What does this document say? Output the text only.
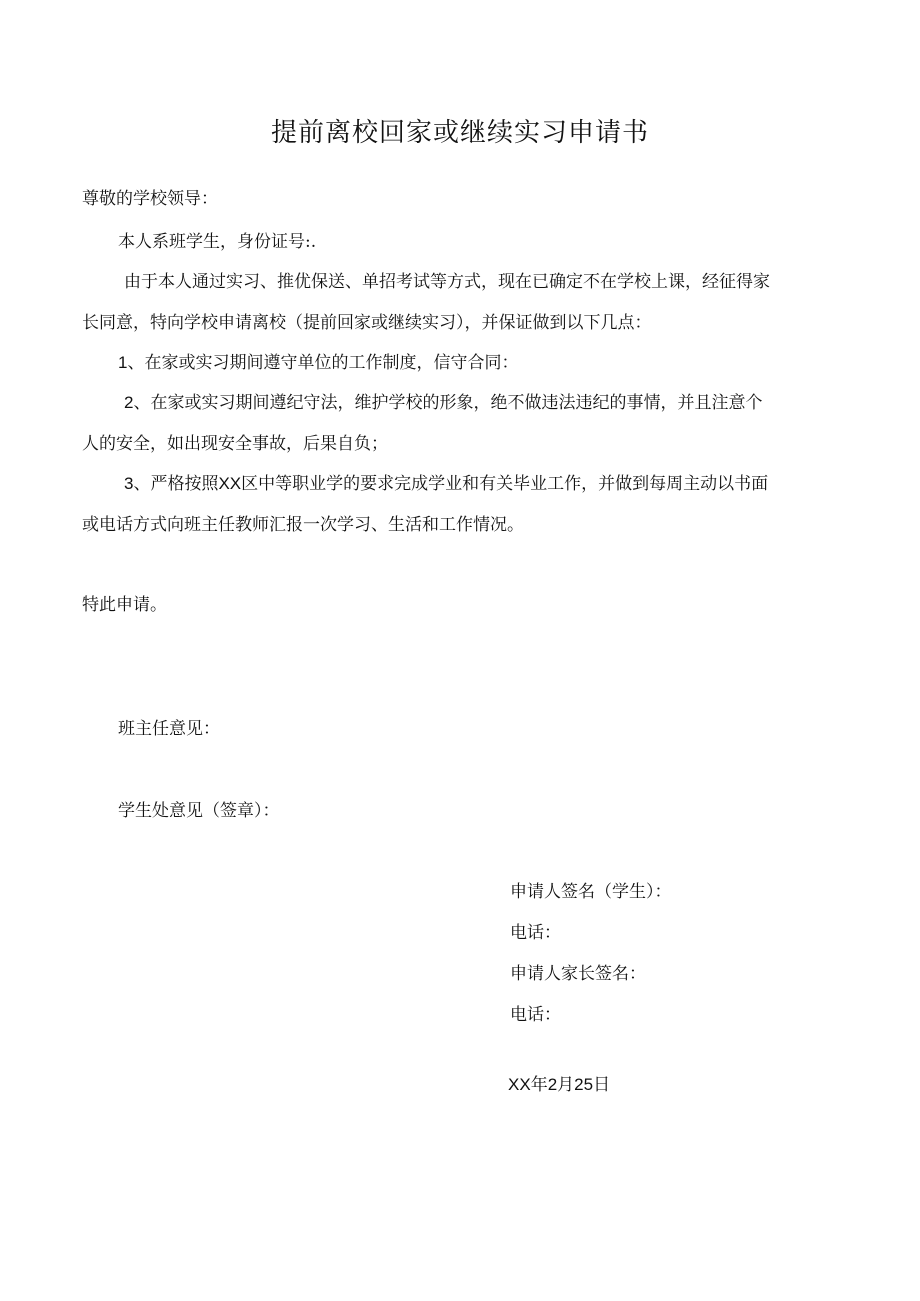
提前离校回家或继续实习申请书
尊敬的学校领导：
本人系班学生，身份证号:.
由于本人通过实习、推优保送、单招考试等方式，现在已确定不在学校上课，经征得家
长同意，特向学校申请离校（提前回家或继续实习），并保证做到以下几点：
1、在家或实习期间遵守单位的工作制度，信守合同：
2、在家或实习期间遵纪守法，维护学校的形象，绝不做违法违纪的事情，并且注意个
人的安全，如出现安全事故，后果自负；
3、严格按照XX区中等职业学的要求完成学业和有关毕业工作，并做到每周主动以书面
或电话方式向班主任教师汇报一次学习、生活和工作情况。
特此申请。
班主任意见：
学生处意见（签章）：
申请人签名（学生）：
电话：
申请人家长签名：
电话：
XX年2月25日
